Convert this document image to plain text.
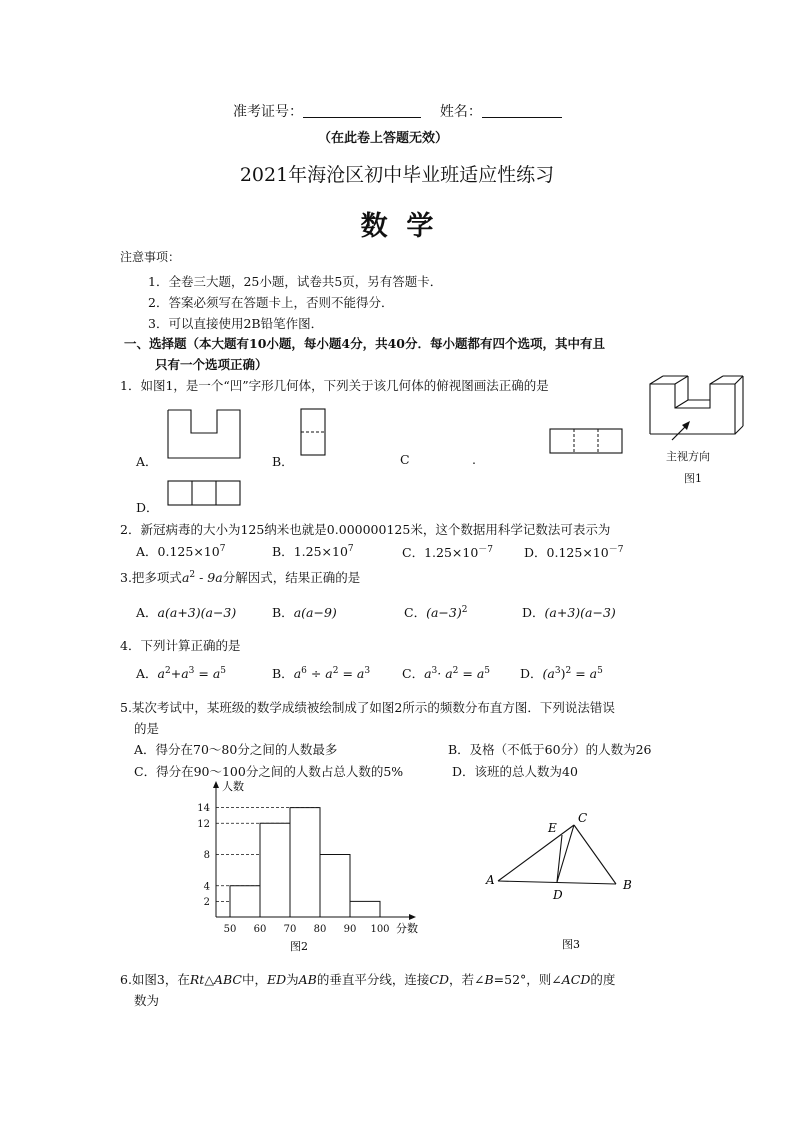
准考证号：	姓名：
（在此卷上答题无效）
2021年海沧区初中毕业班适应性练习
数  学
注意事项：
1．全卷三大题，25小题，试卷共5页，另有答题卡．
2．答案必须写在答题卡上，否则不能得分．
3．可以直接使用2B铅笔作图．
一、选择题（本大题有10小题，每小题4分，共40分．每小题都有四个选项，其中有且
只有一个选项正确）
1．如图1，是一个“凹”字形几何体，下列关于该几何体的俯视图画法正确的是
主视方向
图1
A．	B．	C	.
D．
2．新冠病毒的大小为125纳米也就是0.000000125米，这个数据用科学记数法可表示为
A．$0.125\times 10^7$	B．$1.25\times 10^7$	C．$1.25\times 10^{-7}$ D．$0.125\times 10^{-7}$
3.把多项式$a^2 - 9a$分解因式，结果正确的是
A．a(a+3)(a−3)	B．a(a−9)	C．$(a-3)^2$	D．(a+3)(a−3)
4．下列计算正确的是
A．$a^2+a^3 = a^5$	B．$a^6 \div a^2 = a^3$	C．$a^3\cdot a^2 = a^5$ D．$(a^3)^2 = a^5$
5.某次考试中，某班级的数学成绩被绘制成了如图2所示的频数分布直方图．下列说法错误
的是
A．得分在70～80分之间的人数最多	B．及格（不低于60分）的人数为26
C．得分在90～100分之间的人数占总人数的5%	D．该班的总人数为40
2
4
8
12
14
50 60 70 80 90 100
人数
分数
图2
A	B
C
D
E
图3
6.如图3，在Rt△ABC中，ED为AB的垂直平分线，连接CD，若∠B=52°，则∠ACD的度
数为
